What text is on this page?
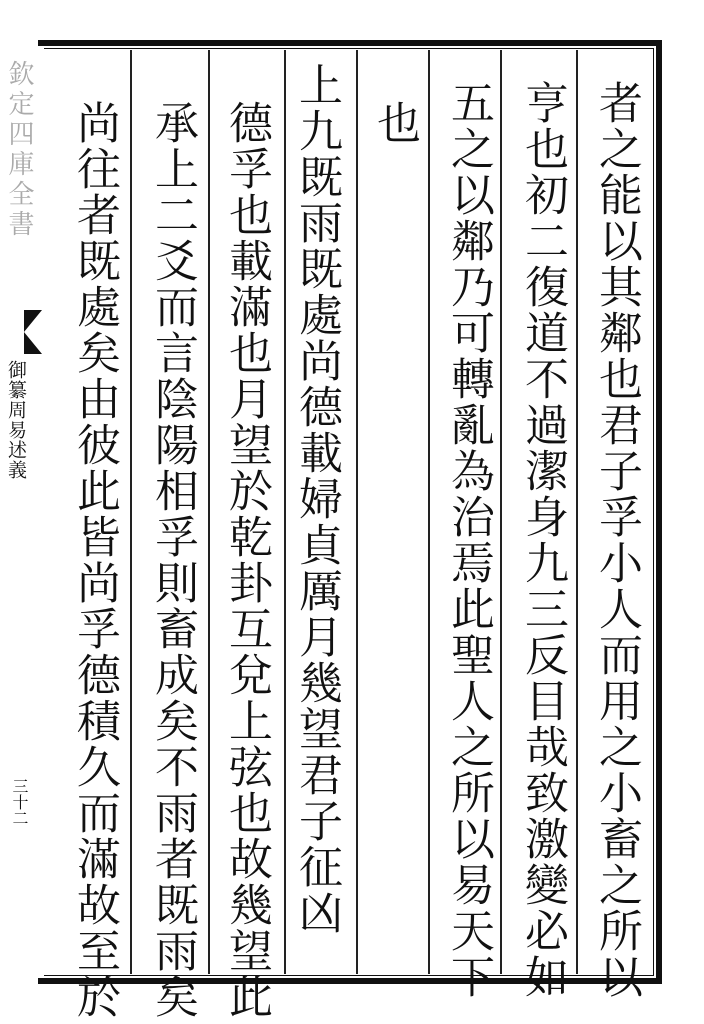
欽定四庫全書
御纂周易述義
三十二	者之能以其鄰也君子孚小人而用之小畜之所以
亨也初二復道不過潔身九三反目哉致激變必如
五之以鄰乃可轉亂為治焉此聖人之所以易天下
也
上九既雨既處尚德載婦貞厲月幾望君子征凶
德孚也載滿也月望於乾卦互兌上弦也故幾望此
承上二爻而言陰陽相孚則畜成矣不雨者既雨矣
尚往者既處矣由彼此皆尚孚德積久而滿故至於
